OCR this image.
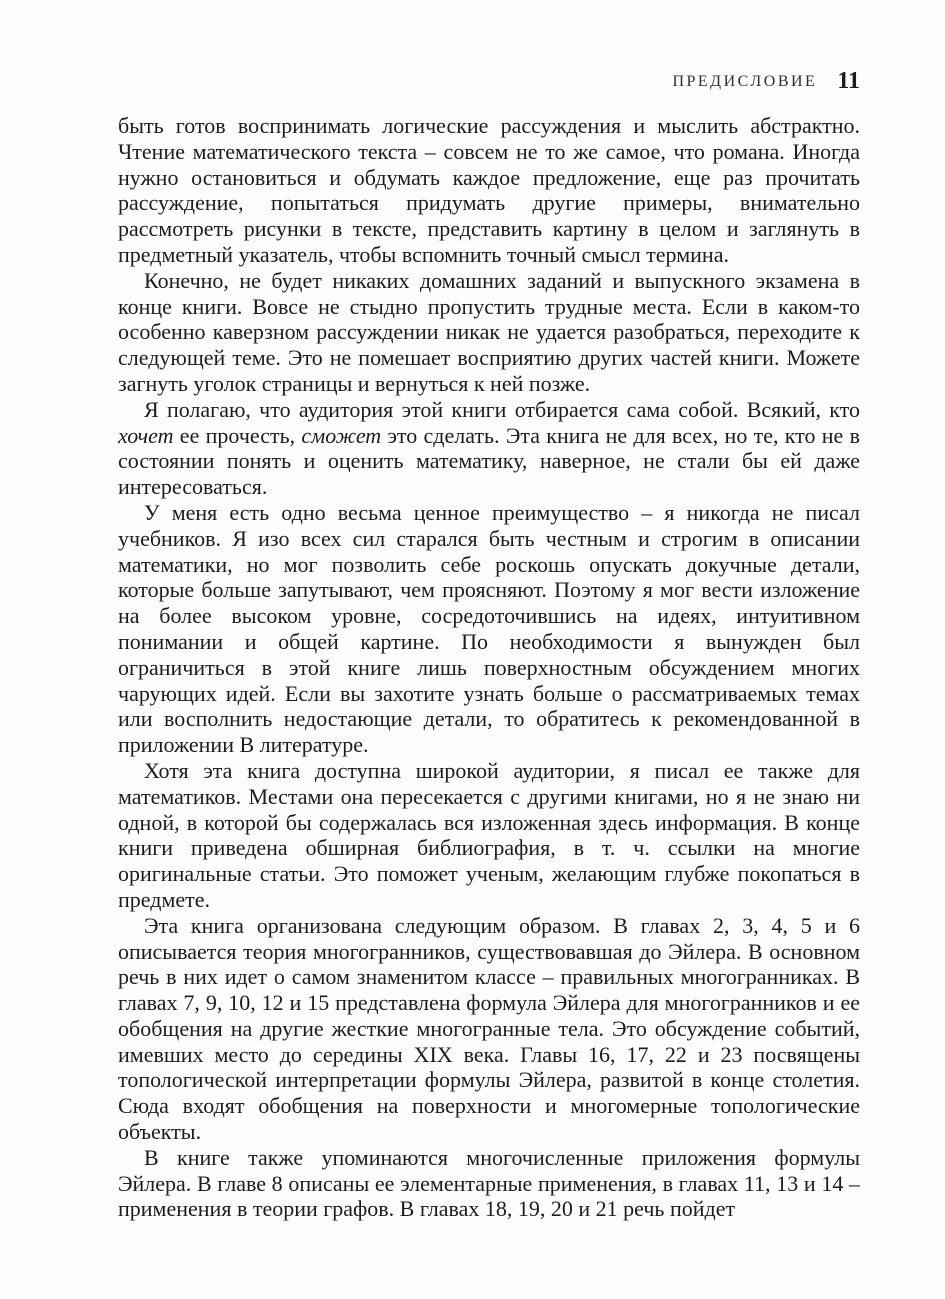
ПРЕДИСЛОВИЕ 11

быть готов воспринимать логические рассуждения и мыслить абстрактно. Чтение математического текста – совсем не то же самое, что романа. Иногда нужно остановиться и обдумать каждое предложение, еще раз прочитать рассуждение, попытаться придумать другие примеры, внимательно рассмотреть рисунки в тексте, представить картину в целом и заглянуть в предметный указатель, чтобы вспомнить точный смысл термина.

Конечно, не будет никаких домашних заданий и выпускного экзамена в конце книги. Вовсе не стыдно пропустить трудные места. Если в каком-то особенно каверзном рассуждении никак не удается разобраться, переходите к следующей теме. Это не помешает восприятию других частей книги. Можете загнуть уголок страницы и вернуться к ней позже.

Я полагаю, что аудитория этой книги отбирается сама собой. Всякий, кто хочет ее прочесть, сможет это сделать. Эта книга не для всех, но те, кто не в состоянии понять и оценить математику, наверное, не стали бы ей даже интересоваться.

У меня есть одно весьма ценное преимущество – я никогда не писал учебников. Я изо всех сил старался быть честным и строгим в описании математики, но мог позволить себе роскошь опускать докучные детали, которые больше запутывают, чем проясняют. Поэтому я мог вести изложение на более высоком уровне, сосредоточившись на идеях, интуитивном понимании и общей картине. По необходимости я вынужден был ограничиться в этой книге лишь поверхностным обсуждением многих чарующих идей. Если вы захотите узнать больше о рассматриваемых темах или восполнить недостающие детали, то обратитесь к рекомендованной в приложении В литературе.

Хотя эта книга доступна широкой аудитории, я писал ее также для математиков. Местами она пересекается с другими книгами, но я не знаю ни одной, в которой бы содержалась вся изложенная здесь информация. В конце книги приведена обширная библиография, в т. ч. ссылки на многие оригинальные статьи. Это поможет ученым, желающим глубже покопаться в предмете.

Эта книга организована следующим образом. В главах 2, 3, 4, 5 и 6 описывается теория многогранников, существовавшая до Эйлера. В основном речь в них идет о самом знаменитом классе – правильных многогранниках. В главах 7, 9, 10, 12 и 15 представлена формула Эйлера для многогранников и ее обобщения на другие жесткие многогранные тела. Это обсуждение событий, имевших место до середины XIX века. Главы 16, 17, 22 и 23 посвящены топологической интерпретации формулы Эйлера, развитой в конце столетия. Сюда входят обобщения на поверхности и многомерные топологические объекты.

В книге также упоминаются многочисленные приложения формулы Эйлера. В главе 8 описаны ее элементарные применения, в главах 11, 13 и 14 – применения в теории графов. В главах 18, 19, 20 и 21 речь пойдет
